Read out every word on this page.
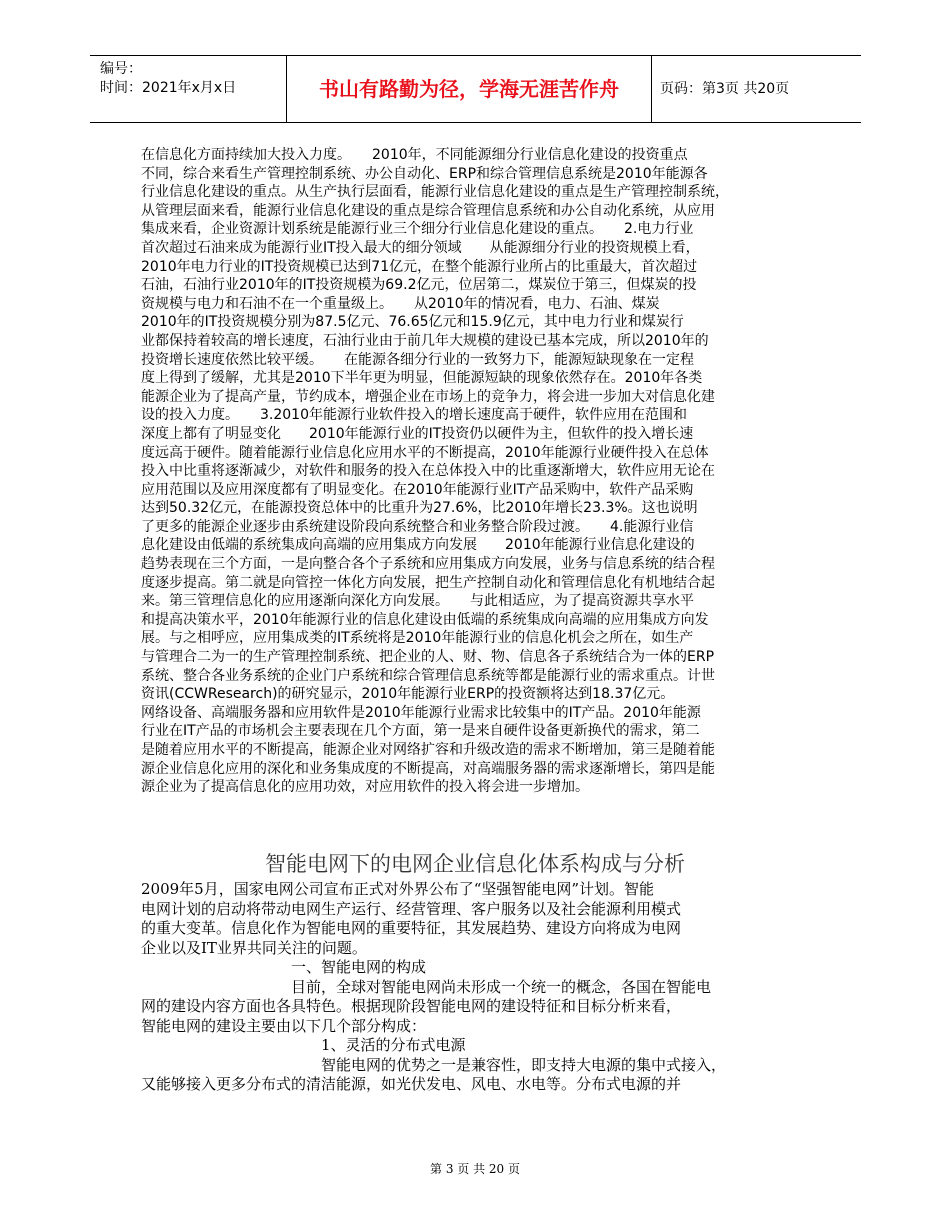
编号：
时间：2021年x月x日	书山有路勤为径，学海无涯苦作舟	页码：第3页 共20页
在信息化方面持续加大投入力度。　　2010年，不同能源细分行业信息化建设的投资重点
不同，综合来看生产管理控制系统、办公自动化、ERP和综合管理信息系统是2010年能源各
行业信息化建设的重点。从生产执行层面看，能源行业信息化建设的重点是生产管理控制系统，
从管理层面来看，能源行业信息化建设的重点是综合管理信息系统和办公自动化系统，从应用
集成来看，企业资源计划系统是能源行业三个细分行业信息化建设的重点。　　2.电力行业
首次超过石油来成为能源行业IT投入最大的细分领域　　从能源细分行业的投资规模上看，
2010年电力行业的IT投资规模已达到71亿元，在整个能源行业所占的比重最大，首次超过
石油，石油行业2010年的IT投资规模为69.2亿元，位居第二，煤炭位于第三，但煤炭的投
资规模与电力和石油不在一个重量级上。　　从2010年的情况看，电力、石油、煤炭
2010年的IT投资规模分别为87.5亿元、76.65亿元和15.9亿元，其中电力行业和煤炭行
业都保持着较高的增长速度，石油行业由于前几年大规模的建设已基本完成，所以2010年的
投资增长速度依然比较平缓。　　在能源各细分行业的一致努力下，能源短缺现象在一定程
度上得到了缓解，尤其是2010下半年更为明显，但能源短缺的现象依然存在。2010年各类
能源企业为了提高产量，节约成本，增强企业在市场上的竞争力，将会进一步加大对信息化建
设的投入力度。　　3.2010年能源行业软件投入的增长速度高于硬件，软件应用在范围和
深度上都有了明显变化　　2010年能源行业的IT投资仍以硬件为主，但软件的投入增长速
度远高于硬件。随着能源行业信息化应用水平的不断提高，2010年能源行业硬件投入在总体
投入中比重将逐渐减少，对软件和服务的投入在总体投入中的比重逐渐增大，软件应用无论在
应用范围以及应用深度都有了明显变化。在2010年能源行业IT产品采购中，软件产品采购
达到50.32亿元，在能源投资总体中的比重升为27.6%，比2010年增长23.3%。这也说明
了更多的能源企业逐步由系统建设阶段向系统整合和业务整合阶段过渡。　　4.能源行业信
息化建设由低端的系统集成向高端的应用集成方向发展　　2010年能源行业信息化建设的
趋势表现在三个方面，一是向整合各个子系统和应用集成方向发展，业务与信息系统的结合程
度逐步提高。第二就是向管控一体化方向发展，把生产控制自动化和管理信息化有机地结合起
来。第三管理信息化的应用逐渐向深化方向发展。　　与此相适应，为了提高资源共享水平
和提高决策水平，2010年能源行业的信息化建设由低端的系统集成向高端的应用集成方向发
展。与之相呼应，应用集成类的IT系统将是2010年能源行业的信息化机会之所在，如生产
与管理合二为一的生产管理控制系统、把企业的人、财、物、信息各子系统结合为一体的ERP
系统、整合各业务系统的企业门户系统和综合管理信息系统等都是能源行业的需求重点。计世
资讯(CCWResearch)的研究显示，2010年能源行业ERP的投资额将达到18.37亿元。
网络设备、高端服务器和应用软件是2010年能源行业需求比较集中的IT产品。2010年能源
行业在IT产品的市场机会主要表现在几个方面，第一是来自硬件设备更新换代的需求，第二
是随着应用水平的不断提高，能源企业对网络扩容和升级改造的需求不断增加，第三是随着能
源企业信息化应用的深化和业务集成度的不断提高，对高端服务器的需求逐渐增长，第四是能
源企业为了提高信息化的应用功效，对应用软件的投入将会进一步增加。
智能电网下的电网企业信息化体系构成与分析
2009年5月，国家电网公司宣布正式对外界公布了“坚强智能电网”计划。智能
电网计划的启动将带动电网生产运行、经营管理、客户服务以及社会能源利用模式
的重大变革。信息化作为智能电网的重要特征，其发展趋势、建设方向将成为电网
企业以及IT业界共同关注的问题。
　　　　　　　　　　一、智能电网的构成
　　　　　　　　　　目前，全球对智能电网尚未形成一个统一的概念，各国在智能电
网的建设内容方面也各具特色。根据现阶段智能电网的建设特征和目标分析来看，
智能电网的建设主要由以下几个部分构成：
　　　　　　　　　　　　1、灵活的分布式电源
　　　　　　　　　　　　智能电网的优势之一是兼容性，即支持大电源的集中式接入，
又能够接入更多分布式的清洁能源，如光伏发电、风电、水电等。分布式电源的并
第 3 页 共 20 页
